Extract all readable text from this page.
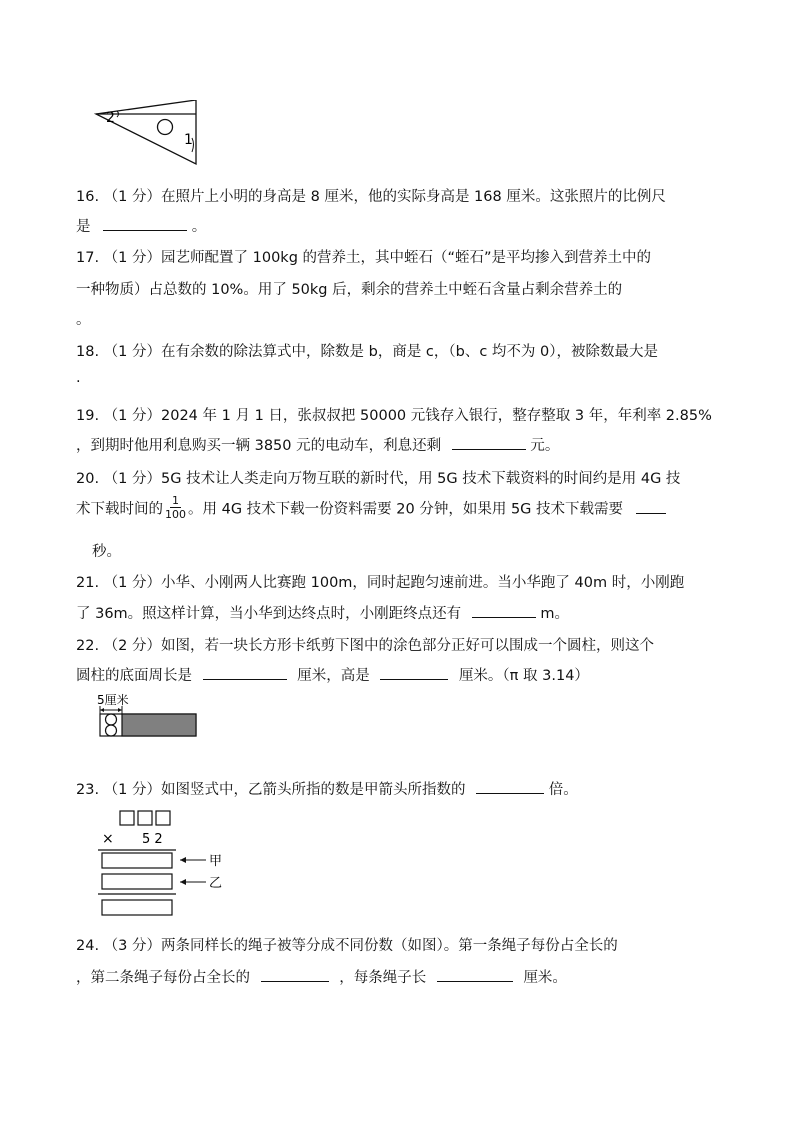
2
1
16. （1 分）在照片上小明的身高是 8 厘米，他的实际身高是 168 厘米。这张照片的比例尺
是	。
17. （1 分）园艺师配置了 100kg 的营养土，其中蛭石（“蛭石”是平均掺入到营养土中的
一种物质）占总数的 10%。用了 50kg 后，剩余的营养土中蛭石含量占剩余营养土的
。
18. （1 分）在有余数的除法算式中，除数是 b，商是 c，（b、c 均不为 0），被除数最大是
.
19. （1 分）2024 年 1 月 1 日，张叔叔把 50000 元钱存入银行，整存整取 3 年，年利率 2.85%
，到期时他用利息购买一辆 3850 元的电动车，利息还剩	元。
20. （1 分）5G 技术让人类走向万物互联的新时代，用 5G 技术下载资料的时间约是用 4G 技
术下载时间的 $\frac{1}{100}$ 。用 4G 技术下载一份资料需要 20 分钟，如果用 5G 技术下载需要
秒。
21. （1 分）小华、小刚两人比赛跑 100m，同时起跑匀速前进。当小华跑了 40m 时，小刚跑
了 36m。照这样计算，当小华到达终点时，小刚距终点还有	m。
22. （2 分）如图，若一块长方形卡纸剪下图中的涂色部分正好可以围成一个圆柱，则这个
圆柱的底面周长是	厘米，高是	厘米。（π 取 3.14）
5厘米
23. （1 分）如图竖式中，乙箭头所指的数是甲箭头所指数的	倍。
× 5 2
甲
乙
24. （3 分）两条同样长的绳子被等分成不同份数（如图）。第一条绳子每份占全长的
，第二条绳子每份占全长的	，每条绳子长	厘米。
